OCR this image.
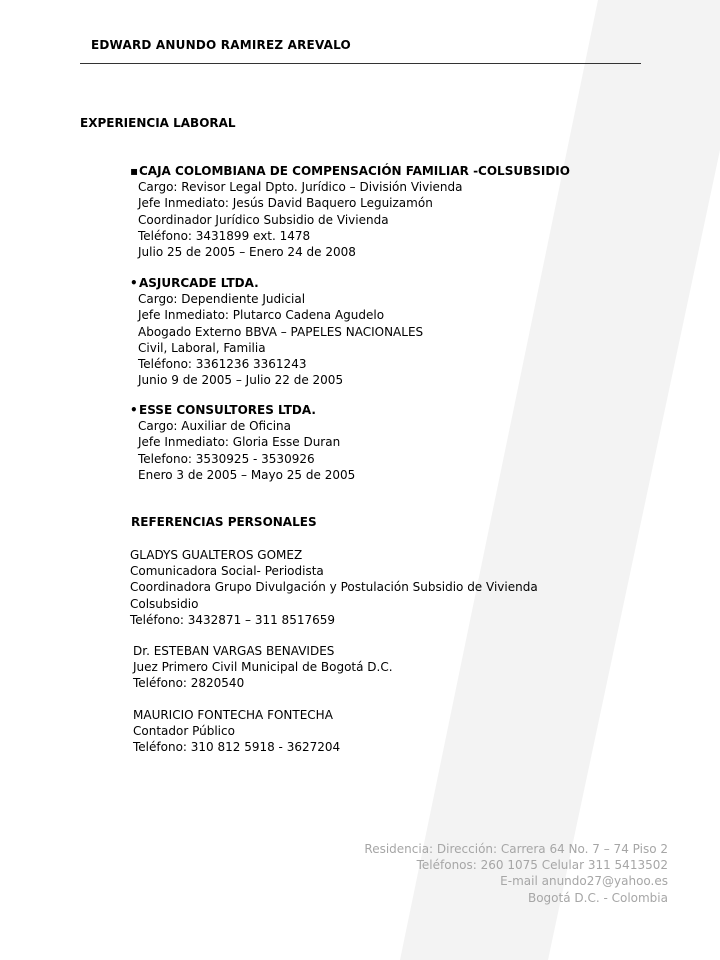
EDWARD ANUNDO RAMIREZ AREVALO
EXPERIENCIA LABORAL
▪CAJA COLOMBIANA DE COMPENSACIÓN FAMILIAR -COLSUBSIDIO
Cargo: Revisor Legal Dpto. Jurídico – División Vivienda
Jefe Inmediato: Jesús David Baquero Leguizamón
Coordinador Jurídico Subsidio de Vivienda
Teléfono: 3431899 ext. 1478
Julio 25 de 2005 – Enero 24 de 2008
•ASJURCADE LTDA.
Cargo: Dependiente Judicial
Jefe Inmediato: Plutarco Cadena Agudelo
Abogado Externo BBVA – PAPELES NACIONALES
Civil, Laboral, Familia
Teléfono: 3361236 3361243
Junio 9 de 2005 – Julio 22 de 2005
•ESSE CONSULTORES LTDA.
Cargo: Auxiliar de Oficina
Jefe Inmediato: Gloria Esse Duran
Telefono: 3530925 - 3530926
Enero 3 de 2005 – Mayo 25 de 2005
REFERENCIAS PERSONALES
GLADYS GUALTEROS GOMEZ
Comunicadora Social- Periodista
Coordinadora Grupo Divulgación y Postulación Subsidio de Vivienda
Colsubsidio
Teléfono: 3432871 – 311 8517659
Dr. ESTEBAN VARGAS BENAVIDES
Juez Primero Civil Municipal de Bogotá D.C.
Teléfono: 2820540
MAURICIO FONTECHA FONTECHA
Contador Público
Teléfono: 310 812 5918 - 3627204
Residencia: Dirección: Carrera 64 No. 7 – 74 Piso 2
Teléfonos: 260 1075 Celular 311 5413502
E-mail anundo27@yahoo.es
Bogotá D.C. - Colombia
